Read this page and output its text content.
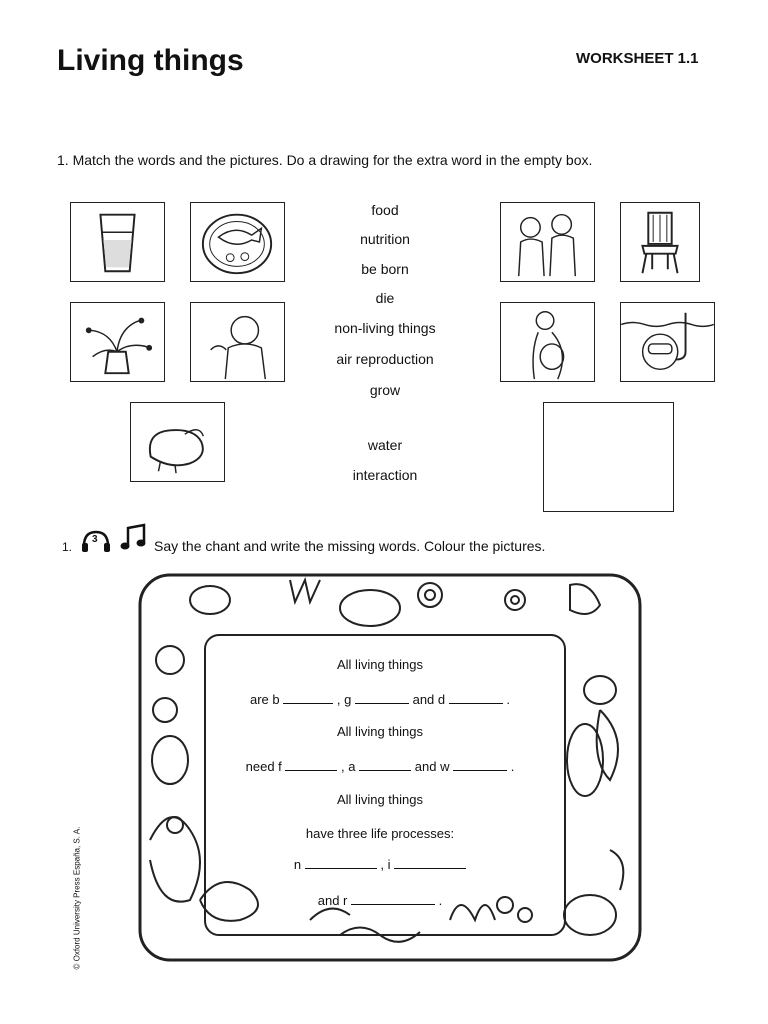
Living things	WORKSHEET 1.1
1. Match the words and the pictures. Do a drawing for the extra word in the empty box.
food
nutrition
be born
die
non-living things
air reproduction
grow
water
interaction
1.
3	Say the chant and write the missing words. Colour the pictures.
All living things
are b	, g	and d	.
All living things
need f	, a	and w	.
All living things
have three life processes:
n	, i
and r	.
© Oxford University Press España, S. A.
